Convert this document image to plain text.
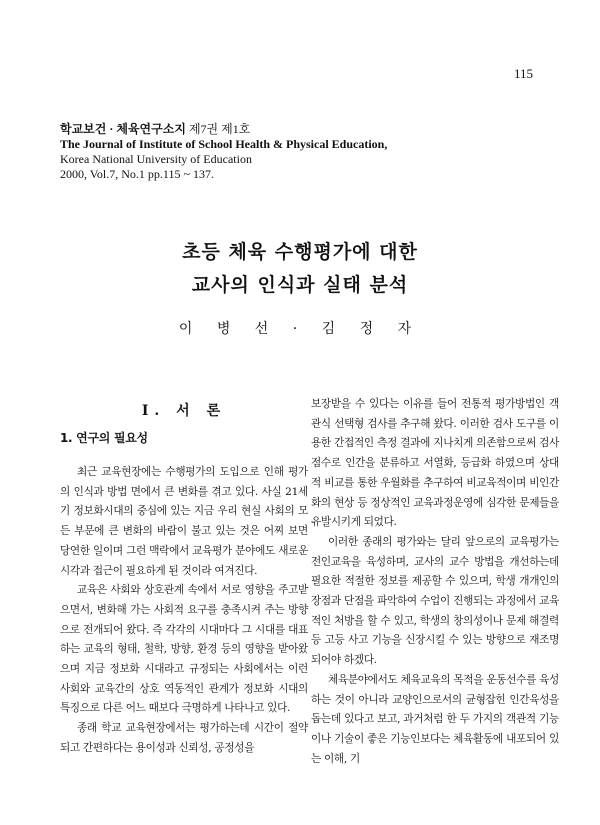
115
학교보건 · 체육연구소지 제7권 제1호
The Journal of Institute of School Health & Physical Education,
Korea National University of Education
2000, Vol.7, No.1 pp.115 ~ 137.
초등 체육 수행평가에 대한
교사의 인식과 실태 분석
이 병 선 · 김 정 자
Ⅰ. 서 론
1. 연구의 필요성

최근 교육현장에는 수행평가의 도입으로 인해 평가의 인식과 방법 면에서 큰 변화를 겪고 있다. 사실 21세기 정보화시대의 중심에 있는 지금 우리 현실 사회의 모든 부문에 큰 변화의 바람이 불고 있는 것은 어찌 보면 당연한 일이며 그런 맥락에서 교육평가 분야에도 새로운 시각과 접근이 필요하게 된 것이라 여겨진다.

교육은 사회와 상호관계 속에서 서로 영향을 주고받으면서, 변화해 가는 사회적 요구를 충족시켜 주는 방향으로 전개되어 왔다. 즉 각각의 시대마다 그 시대를 대표하는 교육의 형태, 철학, 방향, 환경 등의 영향을 받아왔으며 지금 정보화 시대라고 규정되는 사회에서는 이런 사회와 교육간의 상호 역동적인 관계가 정보화 시대의 특징으로 다른 어느 때보다 극명하게 나타나고 있다.

종래 학교 교육현장에서는 평가하는데 시간이 절약되고 간편하다는 용이성과 신뢰성, 공정성을

보장받을 수 있다는 이유를 들어 전통적 평가방법인 객관식 선택형 검사를 추구해 왔다. 이러한 검사 도구를 이용한 간접적인 측정 결과에 지나치게 의존함으로써 검사 점수로 인간을 분류하고 서열화, 등급화 하였으며 상대적 비교를 통한 우월화를 추구하여 비교육적이며 비인간화의 현상 등 정상적인 교육과정운영에 심각한 문제들을 유발시키게 되었다.

이러한 종래의 평가와는 달리 앞으로의 교육평가는 전인교육을 육성하며, 교사의 교수 방법을 개선하는데 필요한 적절한 정보를 제공할 수 있으며, 학생 개개인의 장점과 단점을 파악하여 수업이 진행되는 과정에서 교육적인 처방을 할 수 있고, 학생의 창의성이나 문제 해결력 등 고등 사고 기능을 신장시킬 수 있는 방향으로 재조명되어야 하겠다.

체육분야에서도 체육교육의 목적을 운동선수를 육성하는 것이 아니라 교양인으로서의 균형잡힌 인간육성을 돕는데 있다고 보고, 과거처럼 한 두 가지의 객관적 기능이나 기술이 좋은 기능인보다는 체육활동에 내포되어 있는 이해, 기
